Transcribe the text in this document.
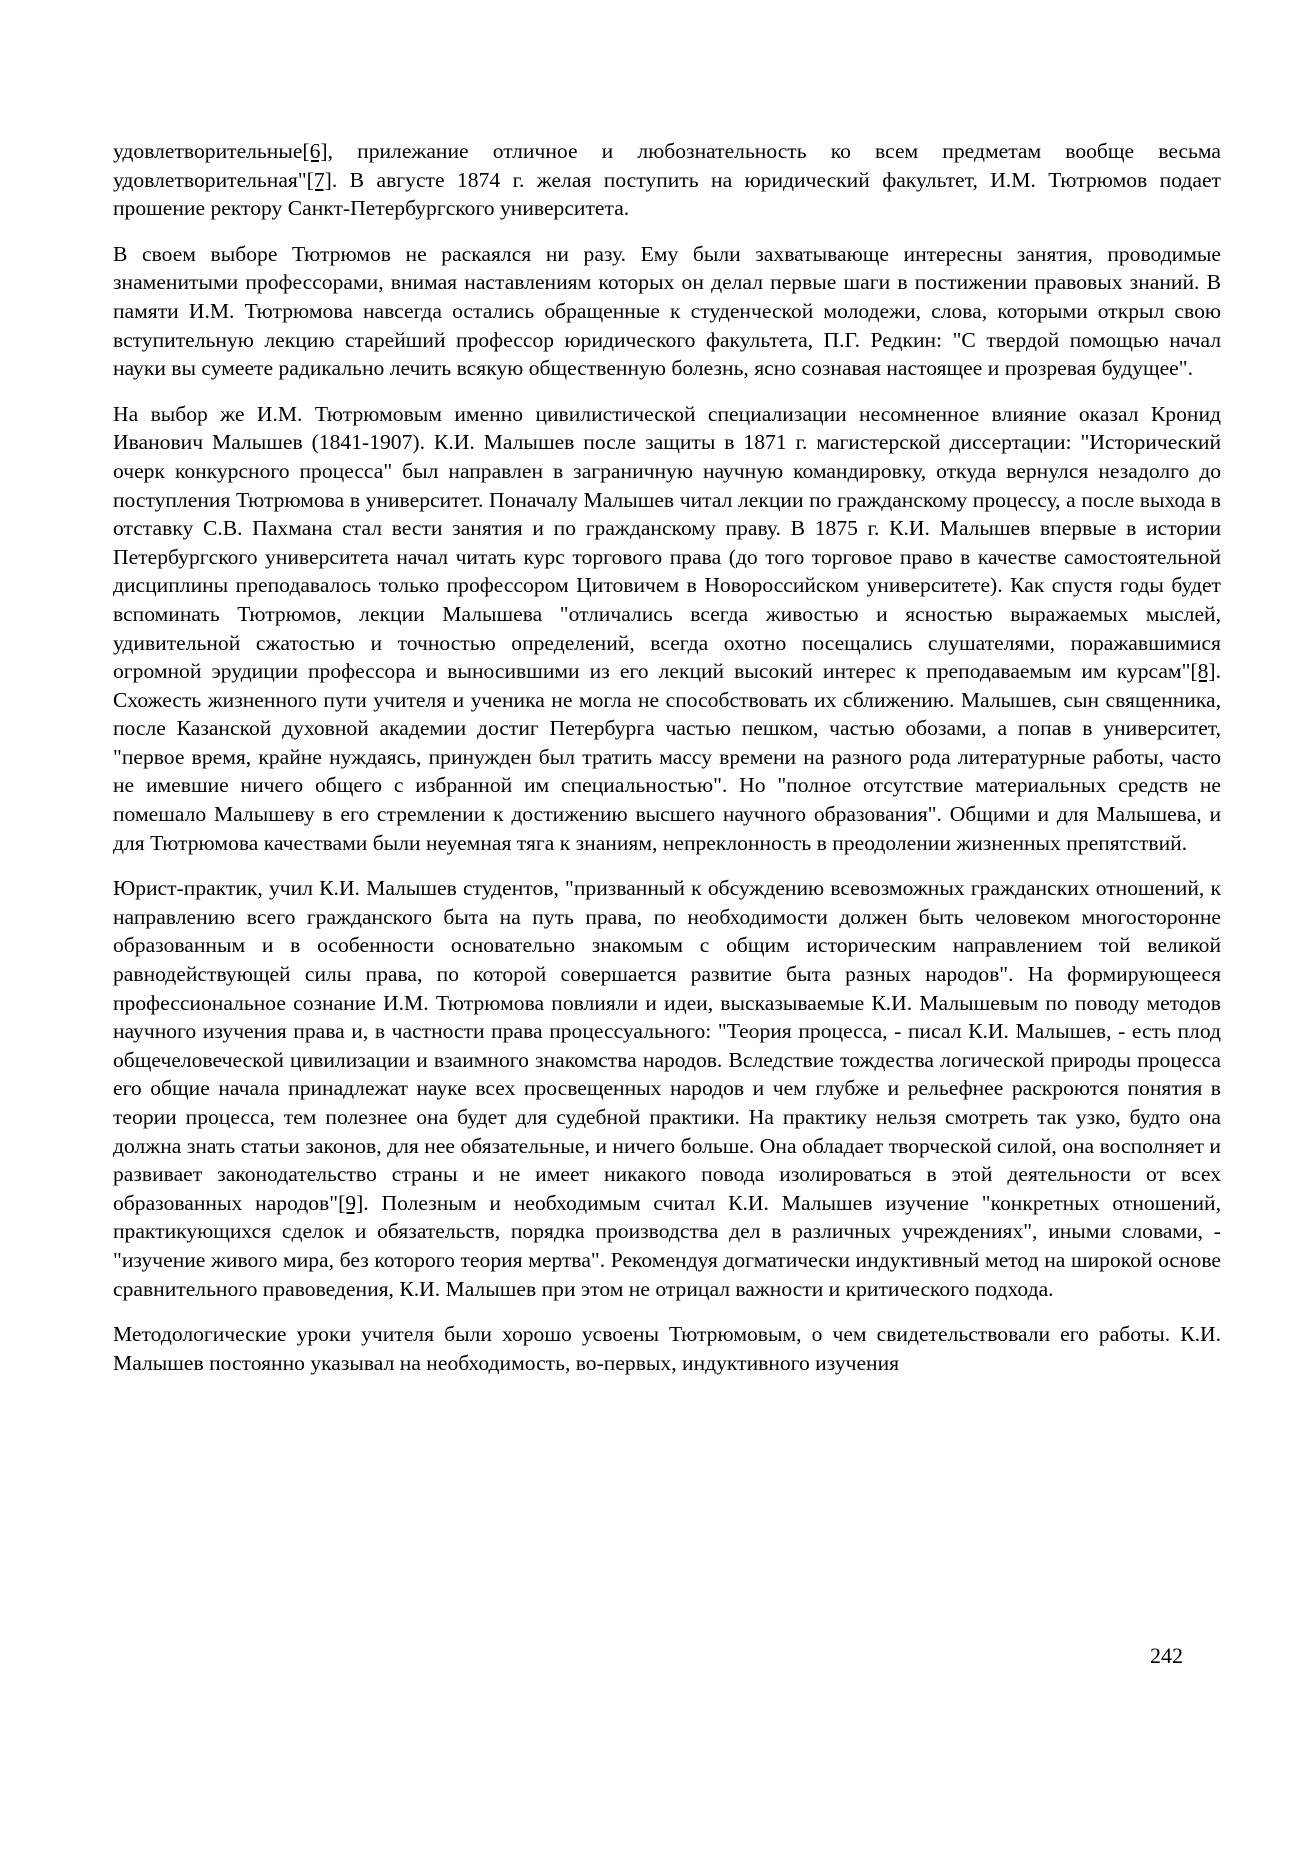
удовлетворительные[6], прилежание отличное и любознательность ко всем предметам вообще весьма удовлетворительная"[7]. В августе 1874 г. желая поступить на юридический факультет, И.М. Тютрюмов подает прошение ректору Санкт-Петербургского университета.

В своем выборе Тютрюмов не раскаялся ни разу. Ему были захватывающе интересны занятия, проводимые знаменитыми профессорами, внимая наставлениям которых он делал первые шаги в постижении правовых знаний. В памяти И.М. Тютрюмова навсегда остались обращенные к студенческой молодежи, слова, которыми открыл свою вступительную лекцию старейший профессор юридического факультета, П.Г. Редкин: "С твердой помощью начал науки вы сумеете радикально лечить всякую общественную болезнь, ясно сознавая настоящее и прозревая будущее".

На выбор же И.М. Тютрюмовым именно цивилистической специализации несомненное влияние оказал Кронид Иванович Малышев (1841-1907). К.И. Малышев после защиты в 1871 г. магистерской диссертации: "Исторический очерк конкурсного процесса" был направлен в заграничную научную командировку, откуда вернулся незадолго до поступления Тютрюмова в университет. Поначалу Малышев читал лекции по гражданскому процессу, а после выхода в отставку С.В. Пахмана стал вести занятия и по гражданскому праву. В 1875 г. К.И. Малышев впервые в истории Петербургского университета начал читать курс торгового права (до того торговое право в качестве самостоятельной дисциплины преподавалось только профессором Цитовичем в Новороссийском университете). Как спустя годы будет вспоминать Тютрюмов, лекции Малышева "отличались всегда живостью и ясностью выражаемых мыслей, удивительной сжатостью и точностью определений, всегда охотно посещались слушателями, поражавшимися огромной эрудиции профессора и выносившими из его лекций высокий интерес к преподаваемым им курсам"[8]. Схожесть жизненного пути учителя и ученика не могла не способствовать их сближению. Малышев, сын священника, после Казанской духовной академии достиг Петербурга частью пешком, частью обозами, а попав в университет, "первое время, крайне нуждаясь, принужден был тратить массу времени на разного рода литературные работы, часто не имевшие ничего общего с избранной им специальностью". Но "полное отсутствие материальных средств не помешало Малышеву в его стремлении к достижению высшего научного образования". Общими и для Малышева, и для Тютрюмова качествами были неуемная тяга к знаниям, непреклонность в преодолении жизненных препятствий.

Юрист-практик, учил К.И. Малышев студентов, "призванный к обсуждению всевозможных гражданских отношений, к направлению всего гражданского быта на путь права, по необходимости должен быть человеком многосторонне образованным и в особенности основательно знакомым с общим историческим направлением той великой равнодействующей силы права, по которой совершается развитие быта разных народов". На формирующееся профессиональное сознание И.М. Тютрюмова повлияли и идеи, высказываемые К.И. Малышевым по поводу методов научного изучения права и, в частности права процессуального: "Теория процесса, - писал К.И. Малышев, - есть плод общечеловеческой цивилизации и взаимного знакомства народов. Вследствие тождества логической природы процесса его общие начала принадлежат науке всех просвещенных народов и чем глубже и рельефнее раскроются понятия в теории процесса, тем полезнее она будет для судебной практики. На практику нельзя смотреть так узко, будто она должна знать статьи законов, для нее обязательные, и ничего больше. Она обладает творческой силой, она восполняет и развивает законодательство страны и не имеет никакого повода изолироваться в этой деятельности от всех образованных народов"[9]. Полезным и необходимым считал К.И. Малышев изучение "конкретных отношений, практикующихся сделок и обязательств, порядка производства дел в различных учреждениях", иными словами, - "изучение живого мира, без которого теория мертва". Рекомендуя догматически индуктивный метод на широкой основе сравнительного правоведения, К.И. Малышев при этом не отрицал важности и критического подхода.

Методологические уроки учителя были хорошо усвоены Тютрюмовым, о чем свидетельствовали его работы. К.И. Малышев постоянно указывал на необходимость, во-первых, индуктивного изучения

242
